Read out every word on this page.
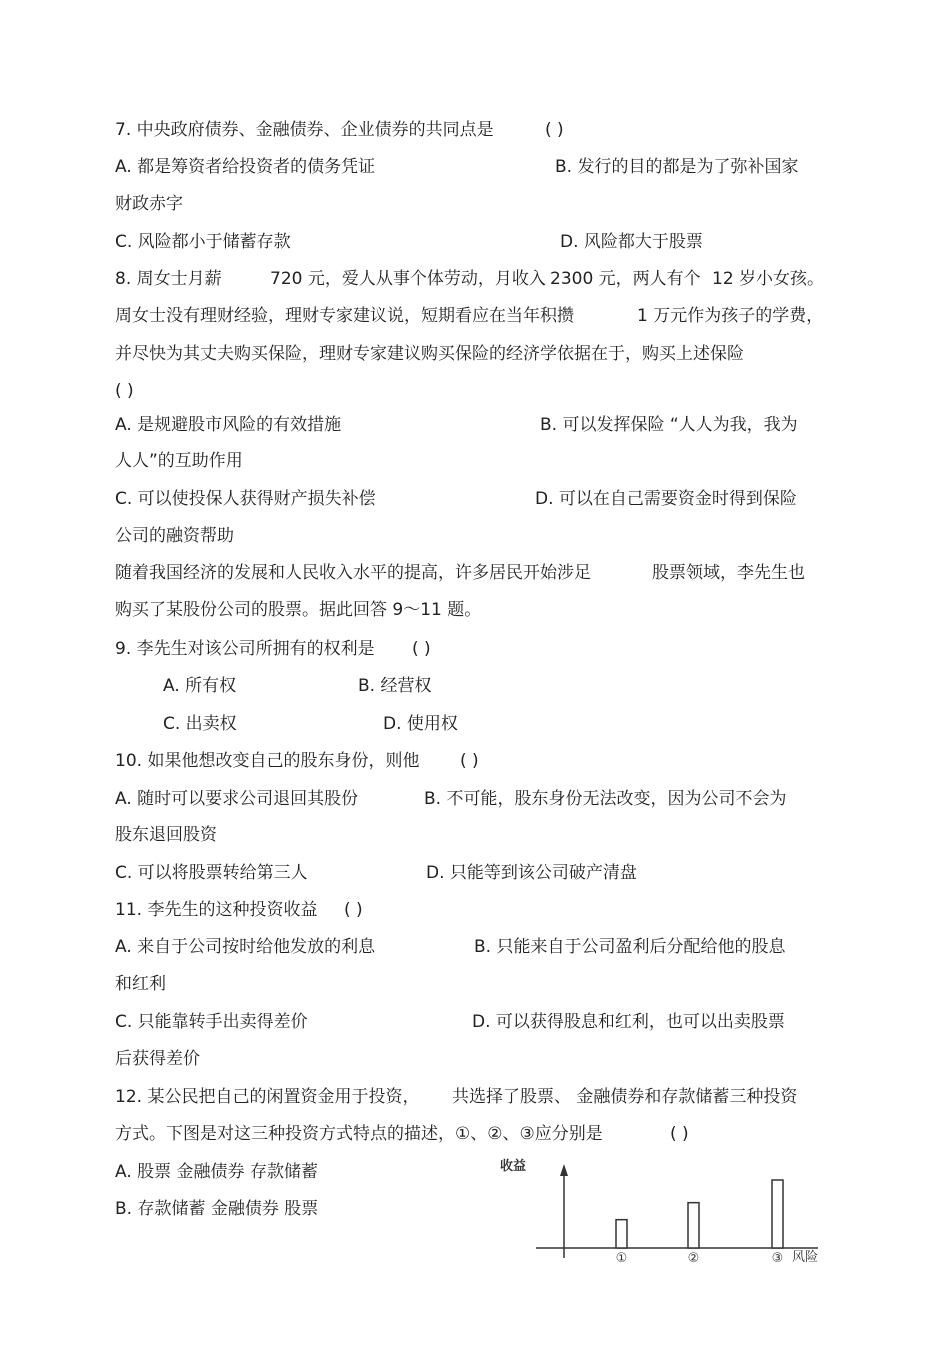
7. 中央政府债券、金融债券、企业债券的共同点是	( )
A. 都是筹资者给投资者的债务凭证	B. 发行的目的都是为了弥补国家
财政赤字
C. 风险都小于储蓄存款	D. 风险都大于股票
8. 周女士月薪	720 元，爱人从事个体劳动，月收入 2300 元，两人有个 12 岁小女孩。
周女士没有理财经验，理财专家建议说，短期看应在当年积攒	1 万元作为孩子的学费，
并尽快为其丈夫购买保险，理财专家建议购买保险的经济学依据在于，购买上述保险
( )
A. 是规避股市风险的有效措施	B. 可以发挥保险 “人人为我，我为
人人”的互助作用
C. 可以使投保人获得财产损失补偿	D. 可以在自己需要资金时得到保险
公司的融资帮助
随着我国经济的发展和人民收入水平的提高，许多居民开始涉足	股票领域，李先生也
购买了某股份公司的股票。据此回答 9～11 题。
9. 李先生对该公司所拥有的权利是 ( )
A. 所有权	B. 经营权
C. 出卖权	D. 使用权
10. 如果他想改变自己的股东身份，则他 ( )
A. 随时可以要求公司退回其股份	B. 不可能，股东身份无法改变，因为公司不会为
股东退回股资
C. 可以将股票转给第三人	D. 只能等到该公司破产清盘
11. 李先生的这种投资收益 ( )
A. 来自于公司按时给他发放的利息	B. 只能来自于公司盈利后分配给他的股息
和红利
C. 只能靠转手出卖得差价	D. 可以获得股息和红利，也可以出卖股票
后获得差价
12. 某公民把自己的闲置资金用于投资， 共选择了股票、 金融债券和存款储蓄三种投资
方式。下图是对这三种投资方式特点的描述，①、②、③应分别是	( )
A. 股票 金融债券 存款储蓄
B. 存款储蓄 金融债券 股票
收益
风险
①	②	③
